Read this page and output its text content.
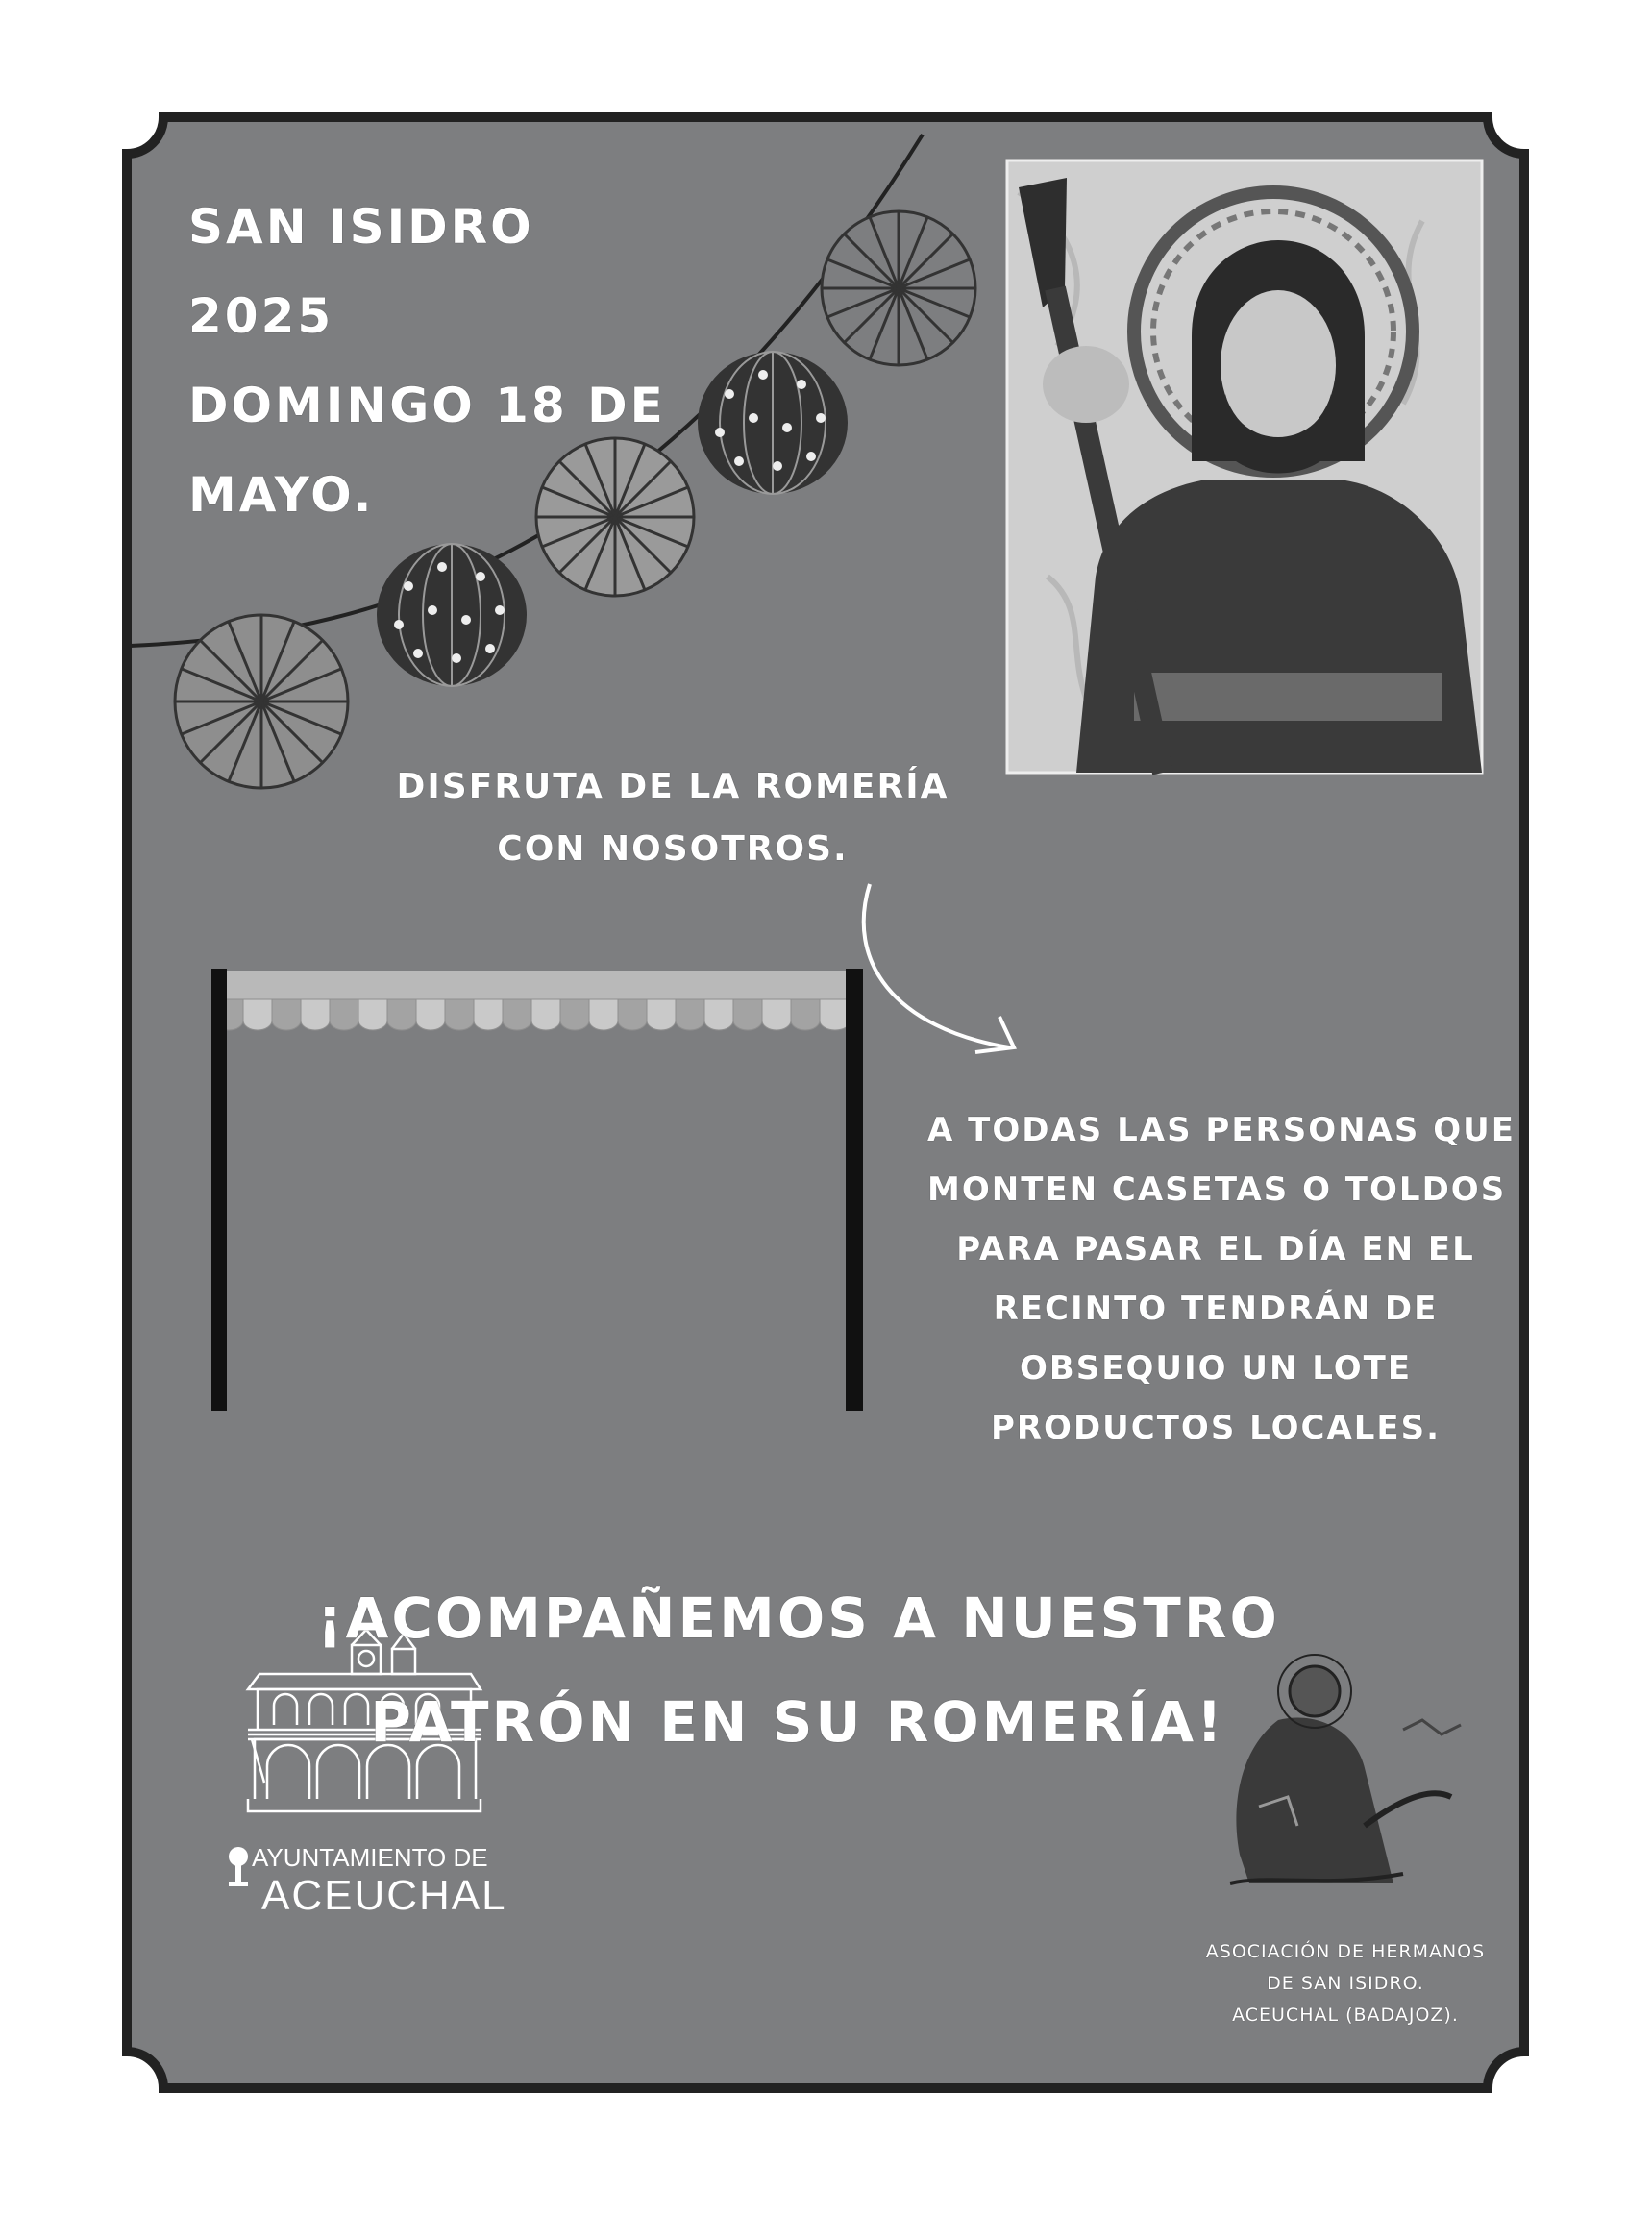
SAN ISIDRO
2025
DOMINGO 18 DE
MAYO.
DISFRUTA DE LA ROMERÍA
CON NOSOTROS.
A TODAS LAS PERSONAS QUE
MONTEN CASETAS O TOLDOS
PARA PASAR EL DÍA EN EL
RECINTO TENDRÁN DE
OBSEQUIO UN LOTE
PRODUCTOS LOCALES.
¡ACOMPAÑEMOS A NUESTRO
PATRÓN EN SU ROMERÍA!

AYUNTAMIENTO DE

ACEUCHAL

ASOCIACIÓN DE HERMANOS
DE SAN ISIDRO.
ACEUCHAL (BADAJOZ).
